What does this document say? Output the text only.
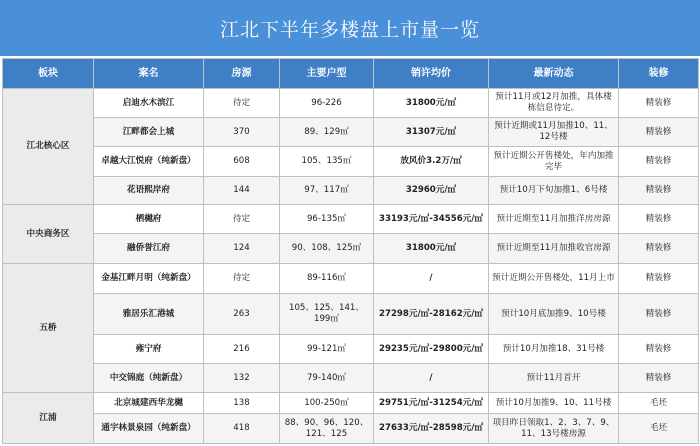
江北下半年多楼盘上市量一览
板块	案名	房源	主要户型	销许均价	最新动态	装修
江北核心区	启迪水木滨江	待定	96-226	31800元/㎡	预计11月或12月加推，具体楼栋信息待定。	精装修
	江畔都会上城	370	89、129㎡	31307元/㎡	预计近期或11月加推10、11、12号楼	精装修
	卓越大江悦府（纯新盘）	608	105、135㎡	放风价3.2万/㎡	预计近期公开售楼处，年内加推完毕	精装修
	花语熙岸府	144	97、117㎡	32960元/㎡	预计10月下旬加推1、6号楼	精装修
中央商务区	栖樾府	待定	96-135㎡	33193元/㎡-34556元/㎡	预计近期至11月加推洋房房源	精装修
	融侨誉江府	124	90、108、125㎡	31800元/㎡	预计近期至11月加推收官房源	精装修
五桥	金基江畔月明（纯新盘）	待定	89-116㎡	/	预计近期公开售楼处，11月上市	精装修
	雅居乐汇港城	263	105、125、141、199㎡	27298元/㎡-28162元/㎡	预计10月底加推9、10号楼	精装修
	雍宁府	216	99-121㎡	29235元/㎡-29800元/㎡	预计10月加推18、31号楼	精装修
	中交锦庭（纯新盘）	132	79-140㎡	/	预计11月首开	精装修
江浦	北京城建西华龙樾	138	100-250㎡	29751元/㎡-31254元/㎡	预计10月加推9、10、11号楼	毛坯
	通宇林景泉园（纯新盘）	418	88、90、96、120、121、125	27633元/㎡-28598元/㎡	项目昨日领取1、2、3、7、9、11、13号楼房源	毛坯
